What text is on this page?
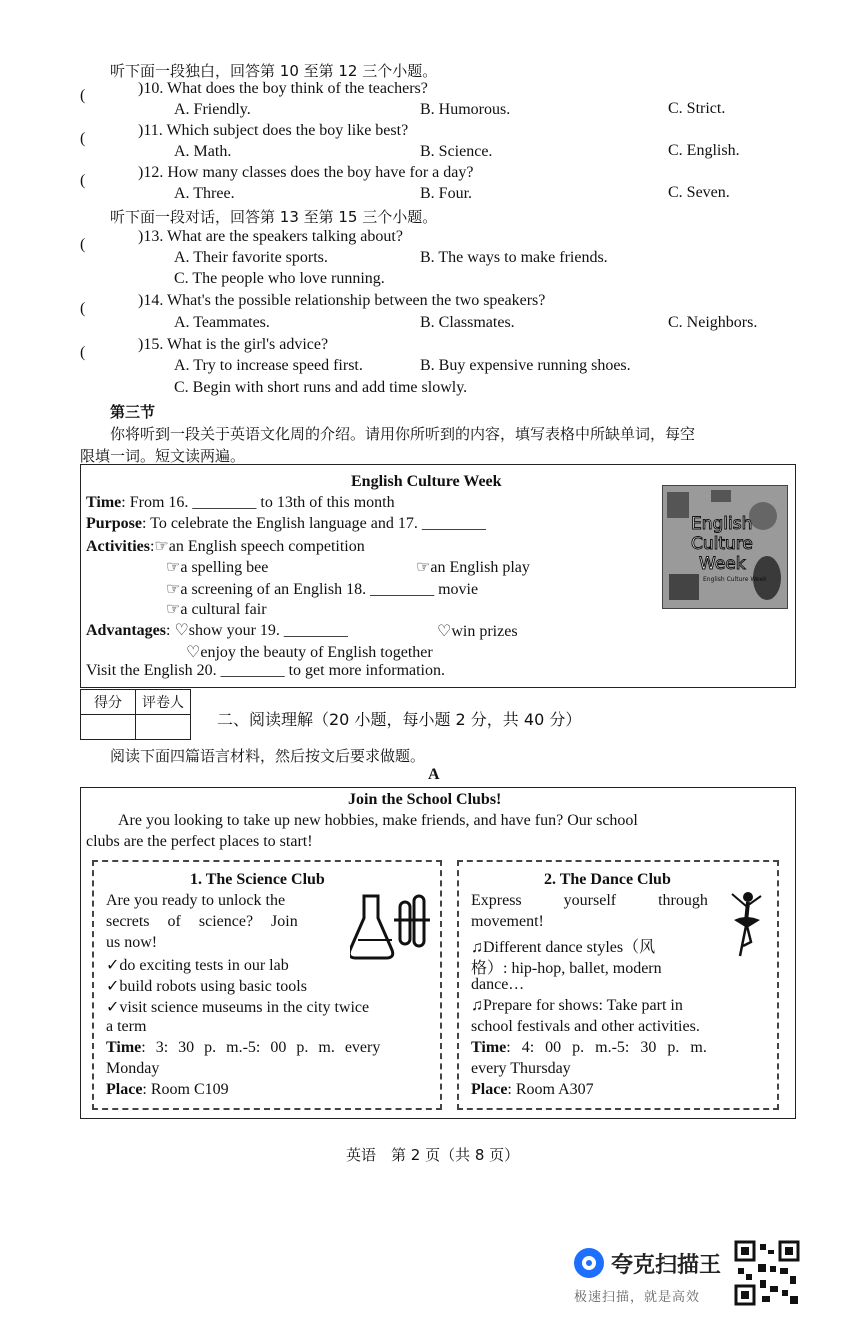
听下面一段独白，回答第 10 至第 12 三个小题。
(	)10. What does the boy think of the teachers?
A. Friendly.	B. Humorous.	C. Strict.
(	)11. Which subject does the boy like best?
A. Math.	B. Science.	C. English.
(	)12. How many classes does the boy have for a day?
A. Three.	B. Four.	C. Seven.
听下面一段对话，回答第 13 至第 15 三个小题。
(	)13. What are the speakers talking about?
A. Their favorite sports.	B. The ways to make friends.
C. The people who love running.
(	)14. What's the possible relationship between the two speakers?
A. Teammates.	B. Classmates.	C. Neighbors.
(	)15. What is the girl's advice?
A. Try to increase speed first.	B. Buy expensive running shoes.
C. Begin with short runs and add time slowly.
第三节
你将听到一段关于英语文化周的介绍。请用你所听到的内容，填写表格中所缺单词，每空
限填一词。短文读两遍。
English Culture Week
Time: From 16. ________ to 13th of this month
Purpose: To celebrate the English language and 17. ________
Activities:☞an English speech competition
☞a spelling bee	☞an English play
☞a screening of an English 18. ________ movie
☞a cultural fair
Advantages: ♡show your 19. ________	♡win prizes
♡enjoy the beauty of English together
Visit the English 20. ________ to get more information.
English
Culture
Week
English Culture Week
得分	评卷人

二、阅读理解（20 小题，每小题 2 分，共 40 分）
阅读下面四篇语言材料，然后按文后要求做题。
A
Join the School Clubs!
Are you looking to take up new hobbies, make friends, and have fun? Our school
clubs are the perfect places to start!
1. The Science Club
Are you ready to unlock the
secrets of science? Join
us now!
✓do exciting tests in our lab
✓build robots using basic tools
✓visit science museums in the city twice
a term
Time: 3: 30 p. m.-5: 00 p. m. every
Monday
Place: Room C109
2. The Dance Club
Express yourself through
movement!
♫Different dance styles（风
格）: hip-hop, ballet, modern
dance…
♫Prepare for shows: Take part in
school festivals and other activities.
Time: 4: 00 p. m.-5: 30 p. m.
every Thursday
Place: Room A307
英语　第 2 页（共 8 页）
夸克扫描王
极速扫描，就是高效
